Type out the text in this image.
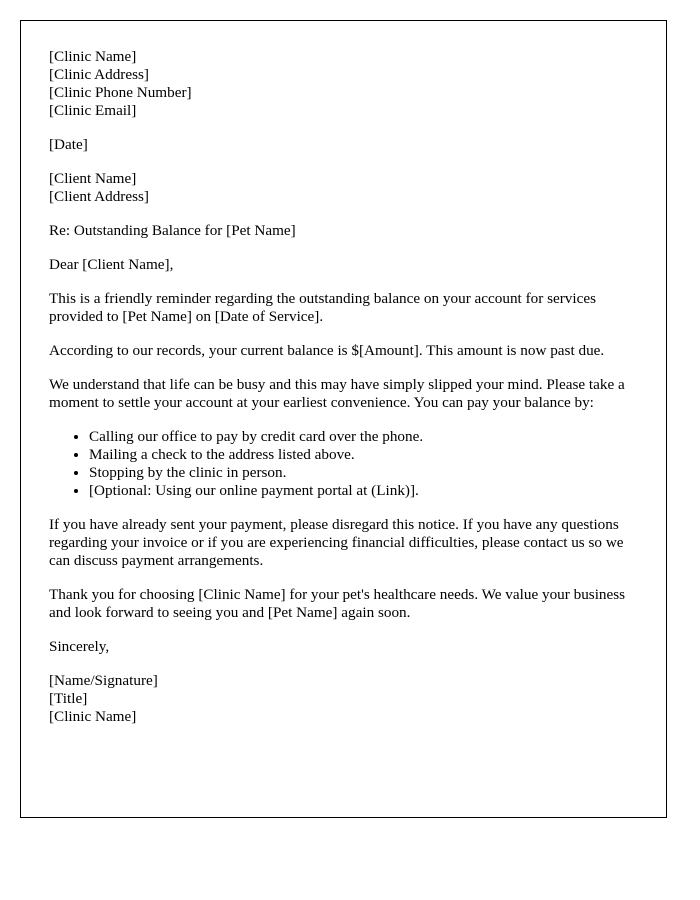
[Clinic Name]
[Clinic Address]
[Clinic Phone Number]
[Clinic Email]
[Date]
[Client Name]
[Client Address]

Re: Outstanding Balance for [Pet Name]

Dear [Client Name],

This is a friendly reminder regarding the outstanding balance on your account for services provided to [Pet Name] on [Date of Service].

According to our records, your current balance is $[Amount]. This amount is now past due.

We understand that life can be busy and this may have simply slipped your mind. Please take a moment to settle your account at your earliest convenience. You can pay your balance by:

• Calling our office to pay by credit card over the phone.
• Mailing a check to the address listed above.
• Stopping by the clinic in person.
• [Optional: Using our online payment portal at (Link)].

If you have already sent your payment, please disregard this notice. If you have any questions regarding your invoice or if you are experiencing financial difficulties, please contact us so we can discuss payment arrangements.

Thank you for choosing [Clinic Name] for your pet's healthcare needs. We value your business and look forward to seeing you and [Pet Name] again soon.

Sincerely,

[Name/Signature]
[Title]
[Clinic Name]
